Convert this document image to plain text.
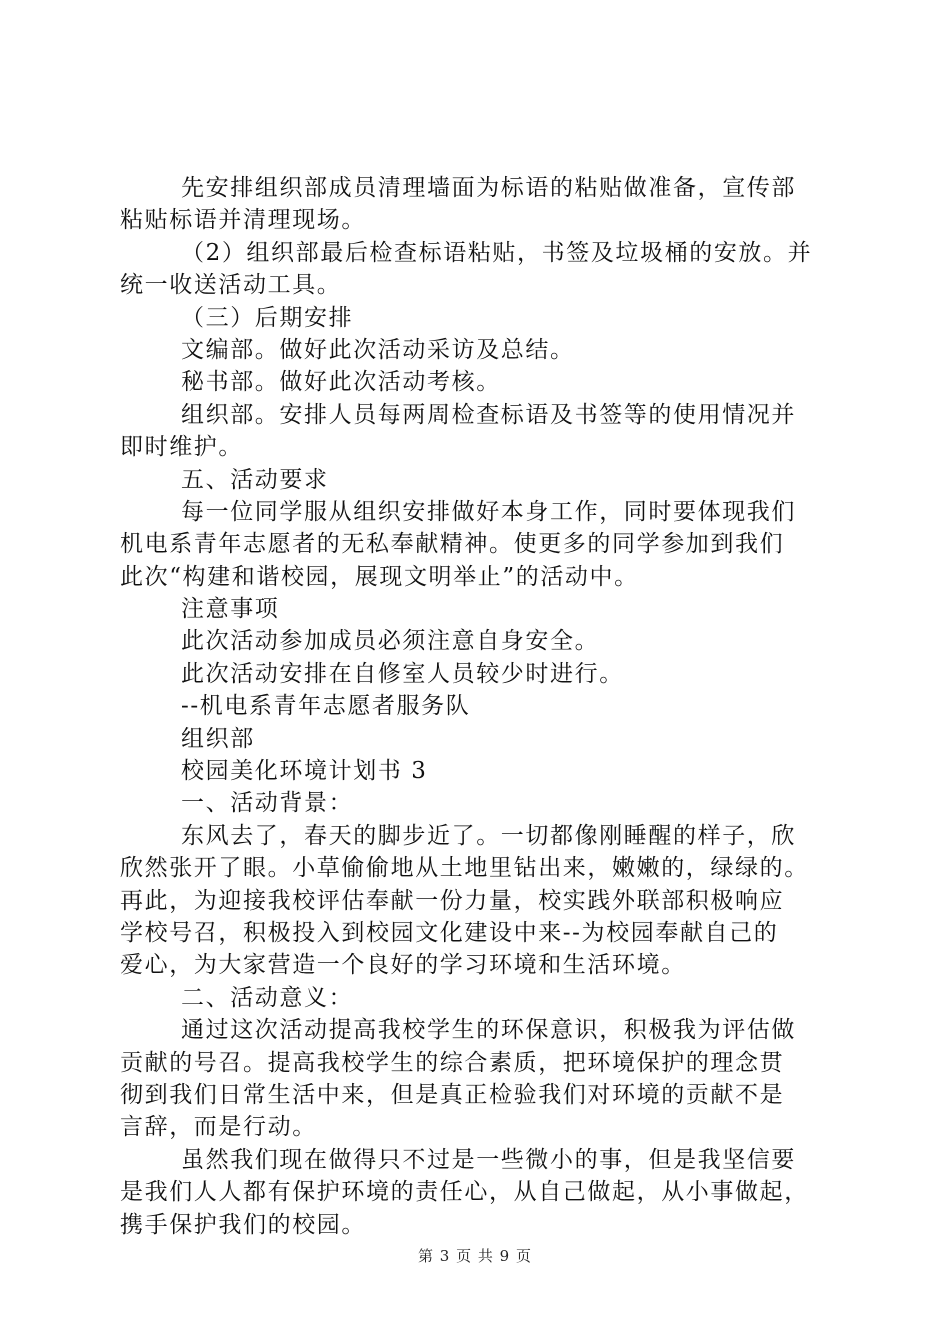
先安排组织部成员清理墙面为标语的粘贴做准备，宣传部
粘贴标语并清理现场。
（2）组织部最后检查标语粘贴，书签及垃圾桶的安放。并
统一收送活动工具。
（三）后期安排
文编部。做好此次活动采访及总结。
秘书部。做好此次活动考核。
组织部。安排人员每两周检查标语及书签等的使用情况并
即时维护。
五、活动要求
每一位同学服从组织安排做好本身工作，同时要体现我们
机电系青年志愿者的无私奉献精神。使更多的同学参加到我们
此次“构建和谐校园，展现文明举止”的活动中。
注意事项
此次活动参加成员必须注意自身安全。
此次活动安排在自修室人员较少时进行。
--机电系青年志愿者服务队
组织部
校园美化环境计划书 3
一、活动背景：
东风去了，春天的脚步近了。一切都像刚睡醒的样子，欣
欣然张开了眼。小草偷偷地从土地里钻出来，嫩嫩的，绿绿的。
再此，为迎接我校评估奉献一份力量，校实践外联部积极响应
学校号召，积极投入到校园文化建设中来--为校园奉献自己的
爱心，为大家营造一个良好的学习环境和生活环境。
二、活动意义：
通过这次活动提高我校学生的环保意识，积极我为评估做
贡献的号召。提高我校学生的综合素质，把环境保护的理念贯
彻到我们日常生活中来，但是真正检验我们对环境的贡献不是
言辞，而是行动。
虽然我们现在做得只不过是一些微小的事，但是我坚信要
是我们人人都有保护环境的责任心，从自己做起，从小事做起，
携手保护我们的校园。
第 3 页 共 9 页
